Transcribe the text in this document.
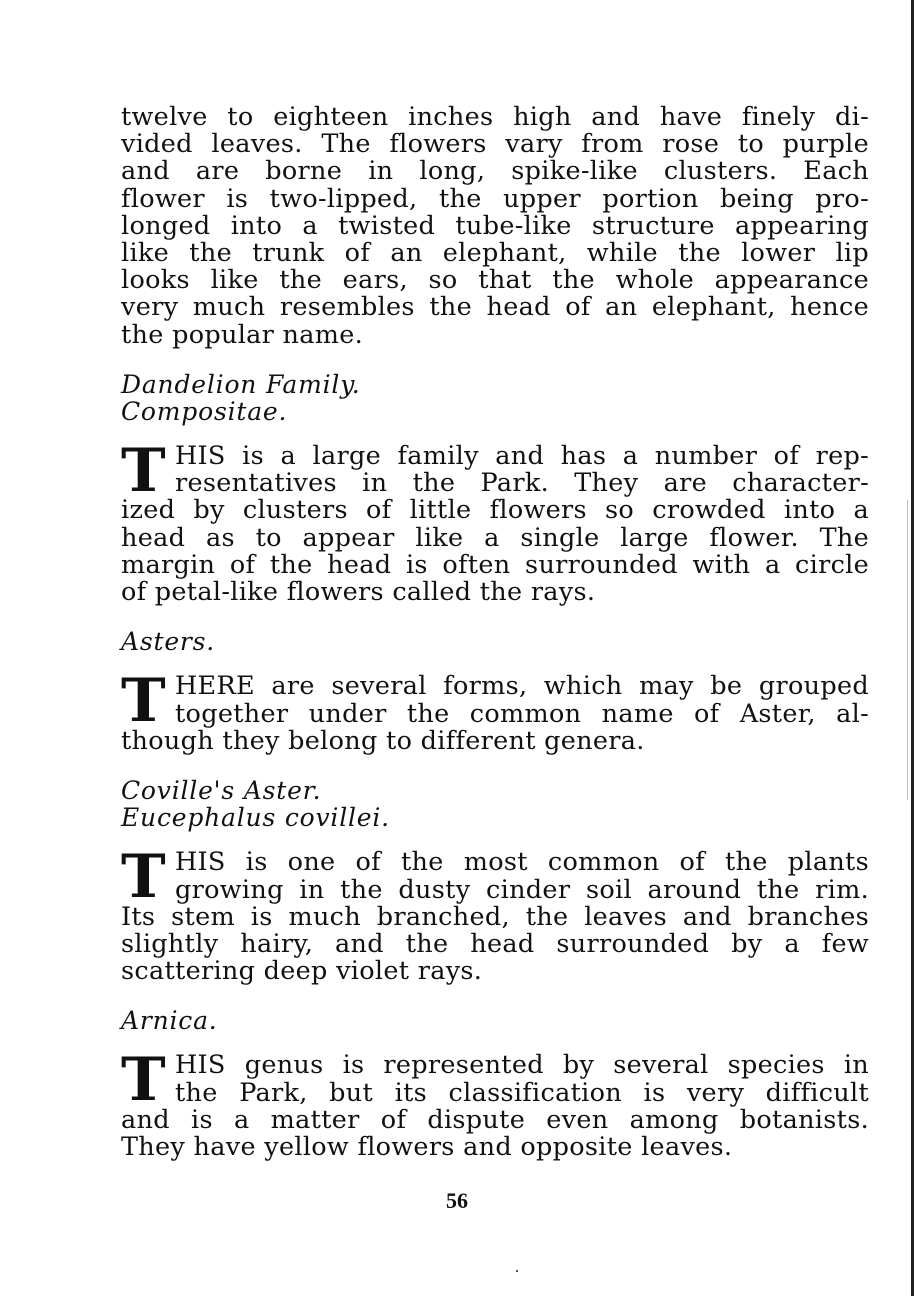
twelve to eighteen inches high and have finely di-
vided leaves. The flowers vary from rose to purple
and are borne in long, spike-like clusters. Each
flower is two-lipped, the upper portion being pro-
longed into a twisted tube-like structure appearing
like the trunk of an elephant, while the lower lip
looks like the ears, so that the whole appearance
very much resembles the head of an elephant, hence
the popular name.
Dandelion Family.
Compositae.
T HIS is a large family and has a number of rep-
resentatives in the Park. They are character-
ized by clusters of little flowers so crowded into a
head as to appear like a single large flower. The
margin of the head is often surrounded with a circle
of petal-like flowers called the rays.
Asters.
T HERE are several forms, which may be grouped
together under the common name of Aster, al-
though they belong to different genera.
Coville's Aster.
Eucephalus covillei.
T HIS is one of the most common of the plants
growing in the dusty cinder soil around the rim.
Its stem is much branched, the leaves and branches
slightly hairy, and the head surrounded by a few
scattering deep violet rays.
Arnica.
T HIS genus is represented by several species in
the Park, but its classification is very difficult
and is a matter of dispute even among botanists.
They have yellow flowers and opposite leaves.
56
